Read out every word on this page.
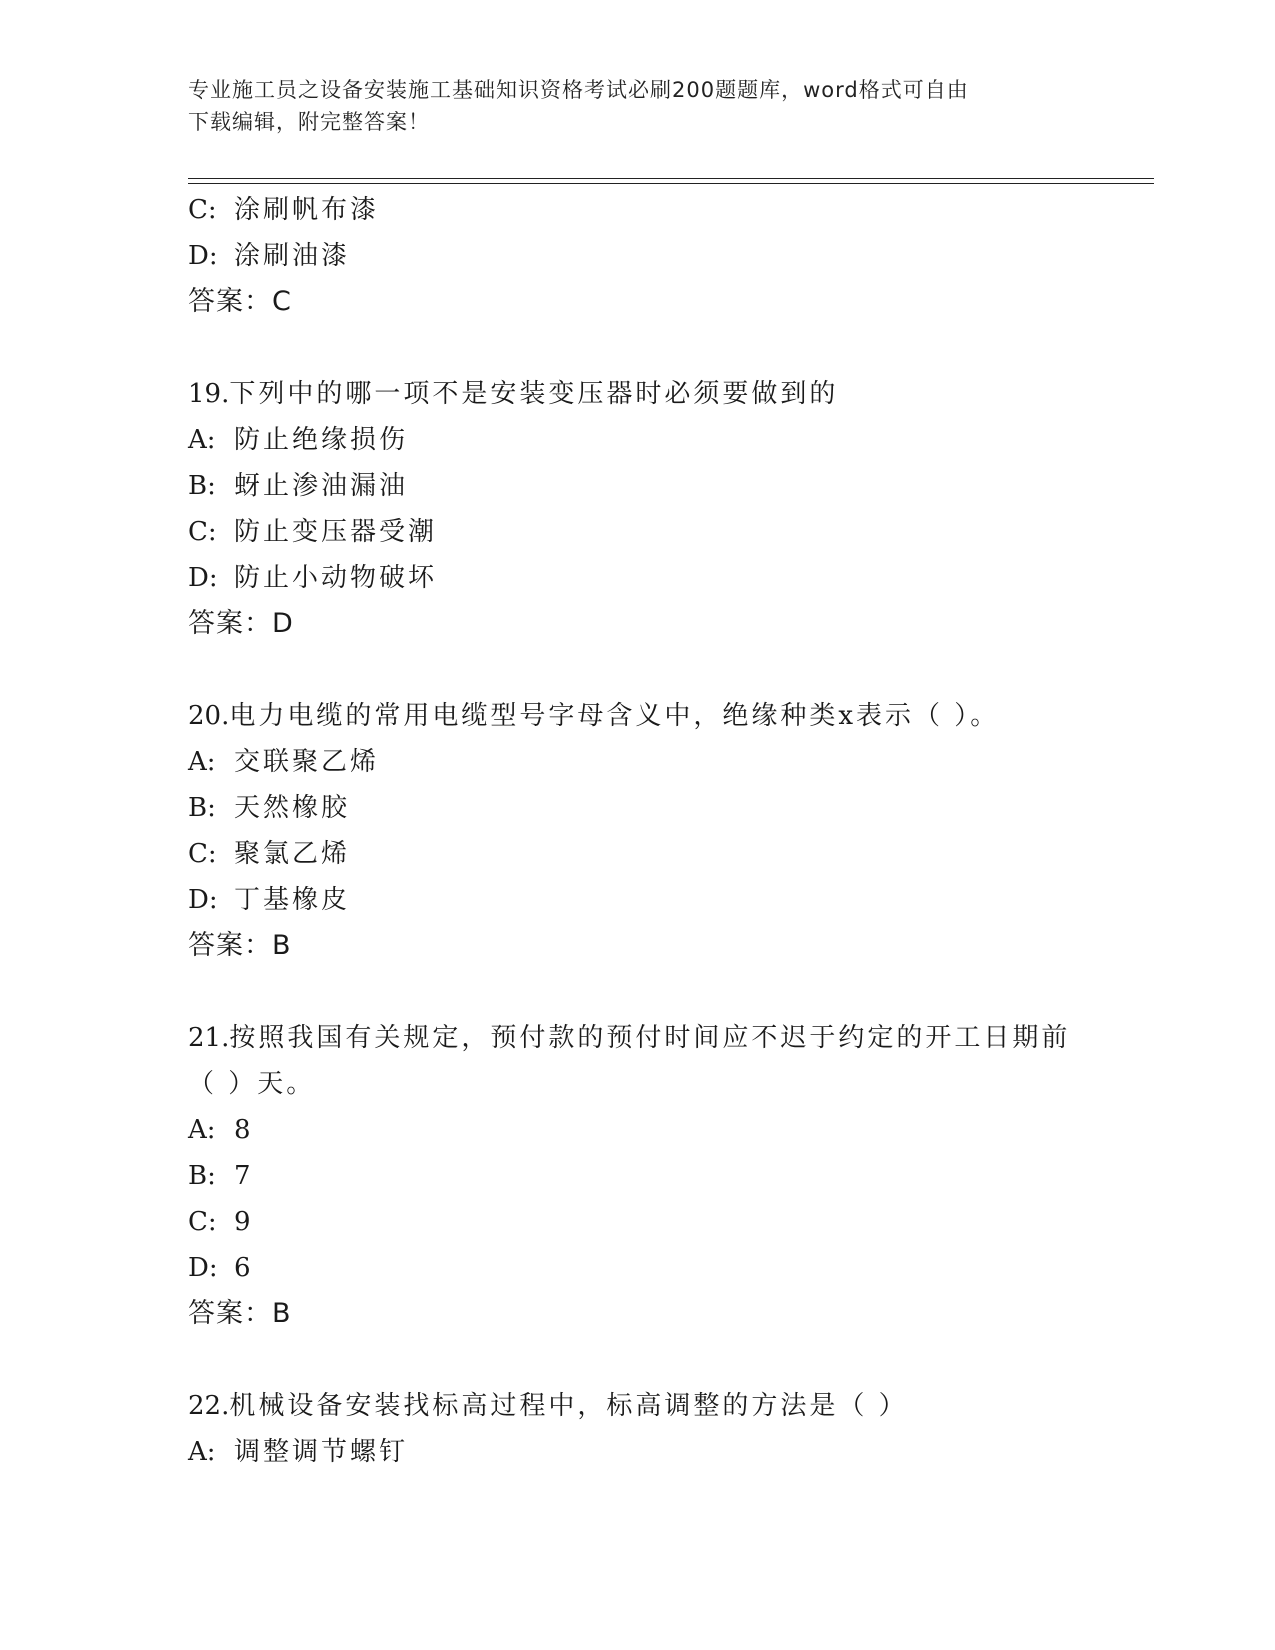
专业施工员之设备安装施工基础知识资格考试必刷200题题库，word格式可自由
下载编辑，附完整答案！
C: 涂刷帆布漆
D: 涂刷油漆
答案：C
19.下列中的哪一项不是安装变压器时必须要做到的
A: 防止绝缘损伤
B: 蚜止渗油漏油
C: 防止变压器受潮
D: 防止小动物破坏
答案：D
20.电力电缆的常用电缆型号字母含义中，绝缘种类x表示（ ）。
A: 交联聚乙烯
B: 天然橡胶
C: 聚氯乙烯
D: 丁基橡皮
答案：B
21.按照我国有关规定，预付款的预付时间应不迟于约定的开工日期前
（ ）天。
A: 8
B: 7
C: 9
D: 6
答案：B
22.机械设备安装找标高过程中，标高调整的方法是（ ）
A: 调整调节螺钉
